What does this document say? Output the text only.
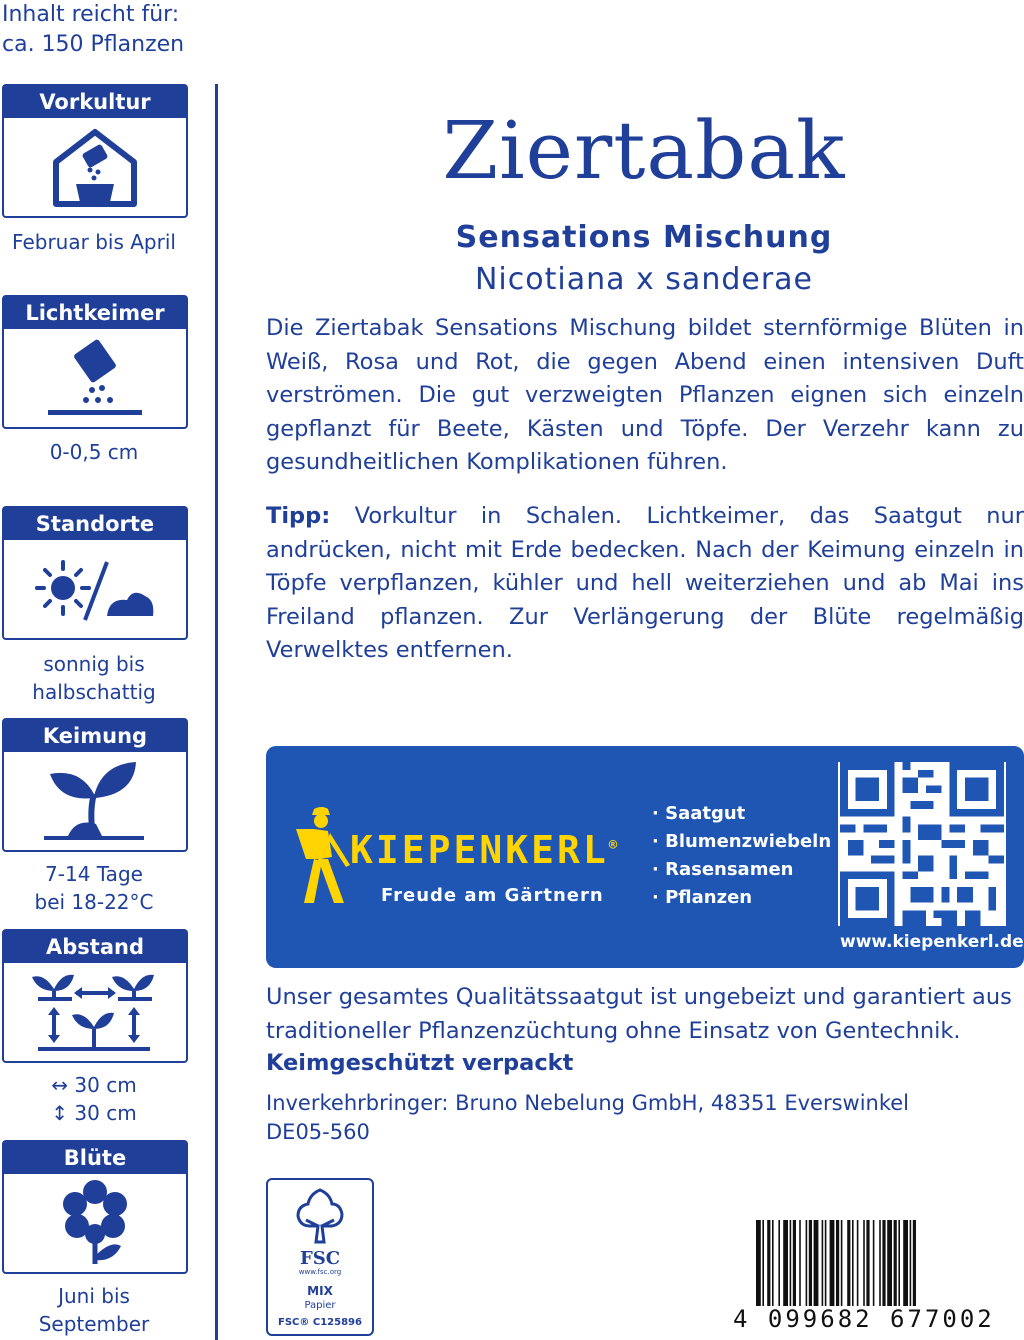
Inhalt reicht für:
ca. 150 Pflanzen
Vorkultur
Februar bis April
Lichtkeimer
0-0,5 cm
Standorte
sonnig bis
halbschattig
Keimung
7-14 Tage
bei 18-22°C
Abstand
↔ 30 cm
↕ 30 cm
Blüte
Juni bis
September
Ziertabak
Sensations Mischung
Nicotiana x sanderae
Die Ziertabak Sensations Mischung bildet sternförmige Blüten in Weiß, Rosa und Rot, die gegen Abend einen intensiven Duft verströmen. Die gut verzweigten Pflanzen eignen sich einzeln gepflanzt für Beete, Kästen und Töpfe. Der Verzehr kann zu gesundheitlichen Komplikationen führen.
Tipp: Vorkultur in Schalen. Lichtkeimer, das Saatgut nur andrücken, nicht mit Erde bedecken. Nach der Keimung einzeln in Töpfe verpflanzen, kühler und hell weiterziehen und ab Mai ins Freiland pflanzen. Zur Verlängerung der Blüte regelmäßig Verwelktes entfernen.
KIEPENKERL®
Freude am Gärtnern
· Saatgut
· Blumenzwiebeln
· Rasensamen
· Pflanzen
www.kiepenkerl.de
Unser gesamtes Qualitätssaatgut ist ungebeizt und garantiert aus traditioneller Pflanzenzüchtung ohne Einsatz von Gentechnik.
Keimgeschützt verpackt
Inverkehrbringer: Bruno Nebelung GmbH, 48351 Everswinkel
DE05-560
FSC
www.fsc.org
MIX
Papier
FSC® C125896	4 099682 677002
